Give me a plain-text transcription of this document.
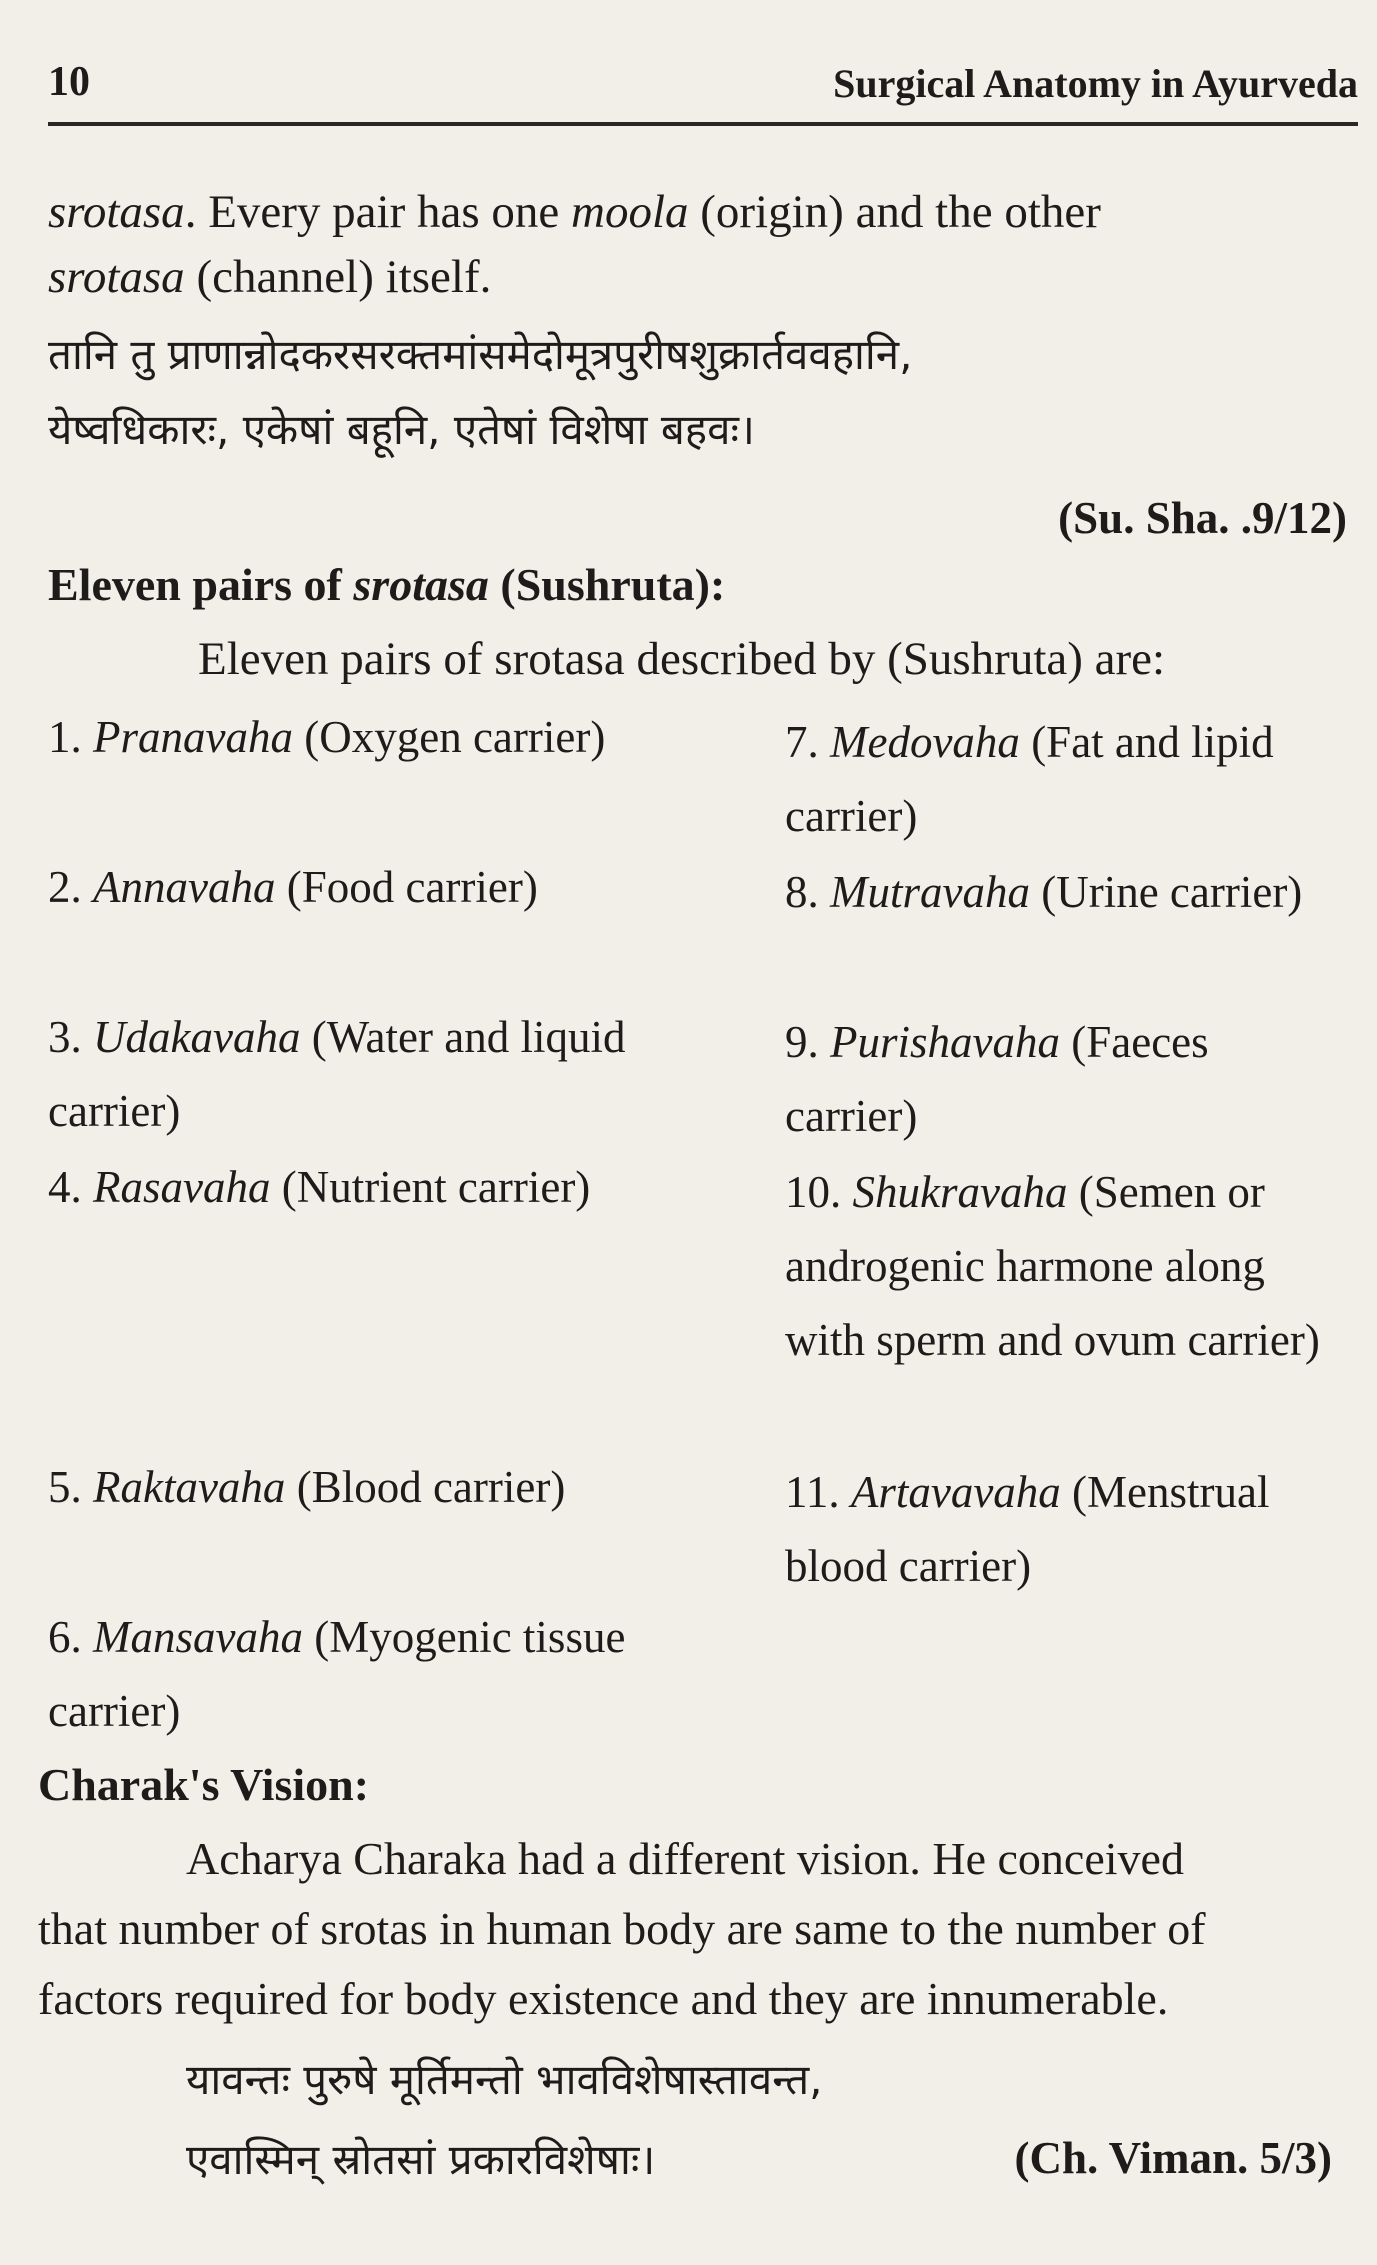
10	Surgical Anatomy in Ayurveda
srotasa. Every pair has one moola (origin) and the other
srotasa (channel) itself.
तानि तु प्राणान्नोदकरसरक्तमांसमेदोमूत्रपुरीषशुक्रार्तववहानि,
येष्वधिकारः, एकेषां बहूनि, एतेषां विशेषा बहवः।
(Su. Sha. .9/12)
Eleven pairs of srotasa (Sushruta):
Eleven pairs of srotasa described by (Sushruta) are:
1. Pranavaha (Oxygen carrier)
2. Annavaha (Food carrier)
3. Udakavaha (Water and liquid carrier)
4. Rasavaha (Nutrient carrier)
5. Raktavaha (Blood carrier)
6. Mansavaha (Myogenic tissue carrier)
7. Medovaha (Fat and lipid carrier)
8. Mutravaha (Urine carrier)
9. Purishavaha (Faeces carrier)
10. Shukravaha (Semen or androgenic harmone along with sperm and ovum carrier)
11. Artavavaha (Menstrual blood carrier)
Charak's Vision:
Acharya Charaka had a different vision. He conceived
that number of srotas in human body are same to the number of
factors required for body existence and they are innumerable.
यावन्तः पुरुषे मूर्तिमन्तो भावविशेषास्तावन्त,
एवास्मिन् स्रोतसां प्रकारविशेषाः।	(Ch. Viman. 5/3)
